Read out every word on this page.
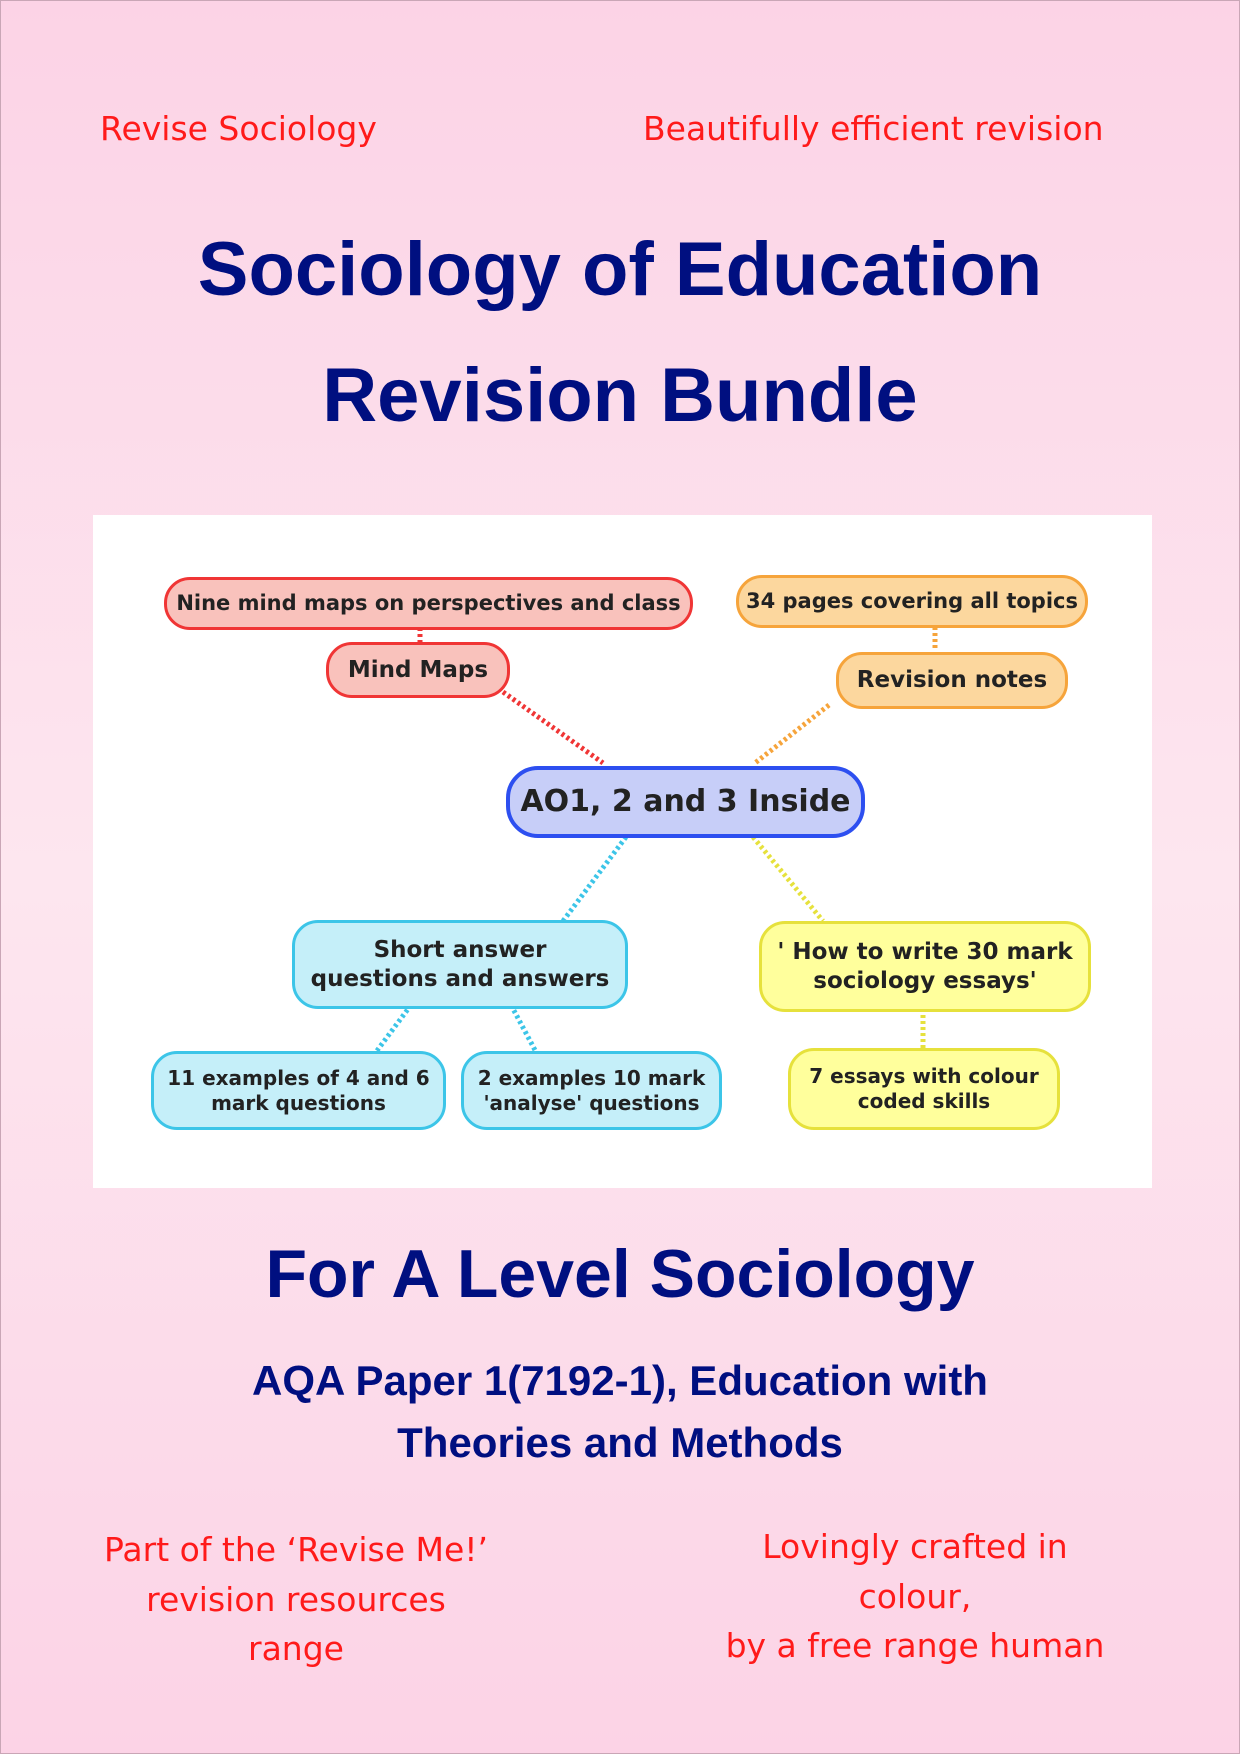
Revise Sociology	Beautifully efficient revision
Sociology of Education
Revision Bundle
Nine mind maps on perspectives and class
Mind Maps
34 pages covering all topics
Revision notes
AO1, 2 and 3 Inside
Short answer questions and answers
' How to write 30 mark sociology essays'
11 examples of 4 and 6 mark questions
2 examples 10 mark 'analyse' questions
7 essays with colour coded skills
For A Level Sociology
AQA Paper 1(7192-1), Education with
Theories and Methods
Part of the ‘Revise Me!’
revision resources range
Lovingly crafted in colour,
by a free range human
